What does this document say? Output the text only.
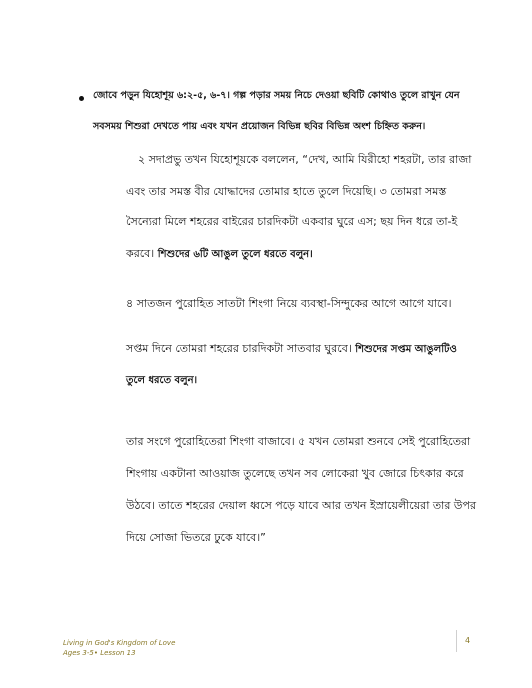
জোবে পড়ুন যিহোশূয় ৬:২-৫, ৬-৭। গল্প পড়ার সময় নিচে দেওয়া ছবিটি কোথাও তুলে রাখুন যেন
সবসময় শিশুরা দেখতে পায় এবং যখন প্রয়োজন বিভিন্ন ছবির বিভিন্ন অংশ চিহ্নিত করুন।
২ সদাপ্রভু তখন যিহোশূয়কে বললেন, “দেখ, আমি যিরীহো শহরটা, তার রাজা
এবং তার সমস্ত বীর যোদ্ধাদের তোমার হাতে তুলে দিয়েছি। ৩ তোমরা সমস্ত
সৈন্যেরা মিলে শহরের বাইরের চারদিকটা একবার ঘুরে এস; ছয় দিন ধরে তা-ই
করবে। শিশুদের ৬টি আঙুল তুলে ধরতে বলুন।
৪ সাতজন পুরোহিত সাতটা শিংগা নিয়ে ব্যবস্থা-সিন্দুকের আগে আগে যাবে।
সপ্তম দিনে তোমরা শহরের চারদিকটা সাতবার ঘুরবে। শিশুদের সপ্তম আঙুলটিও
তুলে ধরতে বলুন।
তার সংগে পুরোহিতেরা শিংগা বাজাবে। ৫ যখন তোমরা শুনবে সেই পুরোহিতেরা
শিংগায় একটানা আওয়াজ তুলেছে তখন সব লোকেরা খুব জোরে চিৎকার করে
উঠবে। তাতে শহরের দেয়াল ধ্বসে পড়ে যাবে আর তখন ইস্রায়েলীয়েরা তার উপর
দিয়ে সোজা ভিতরে ঢুকে যাবে।”
Living in God's Kingdom of Love
Ages 3-5• Lesson 13
4
